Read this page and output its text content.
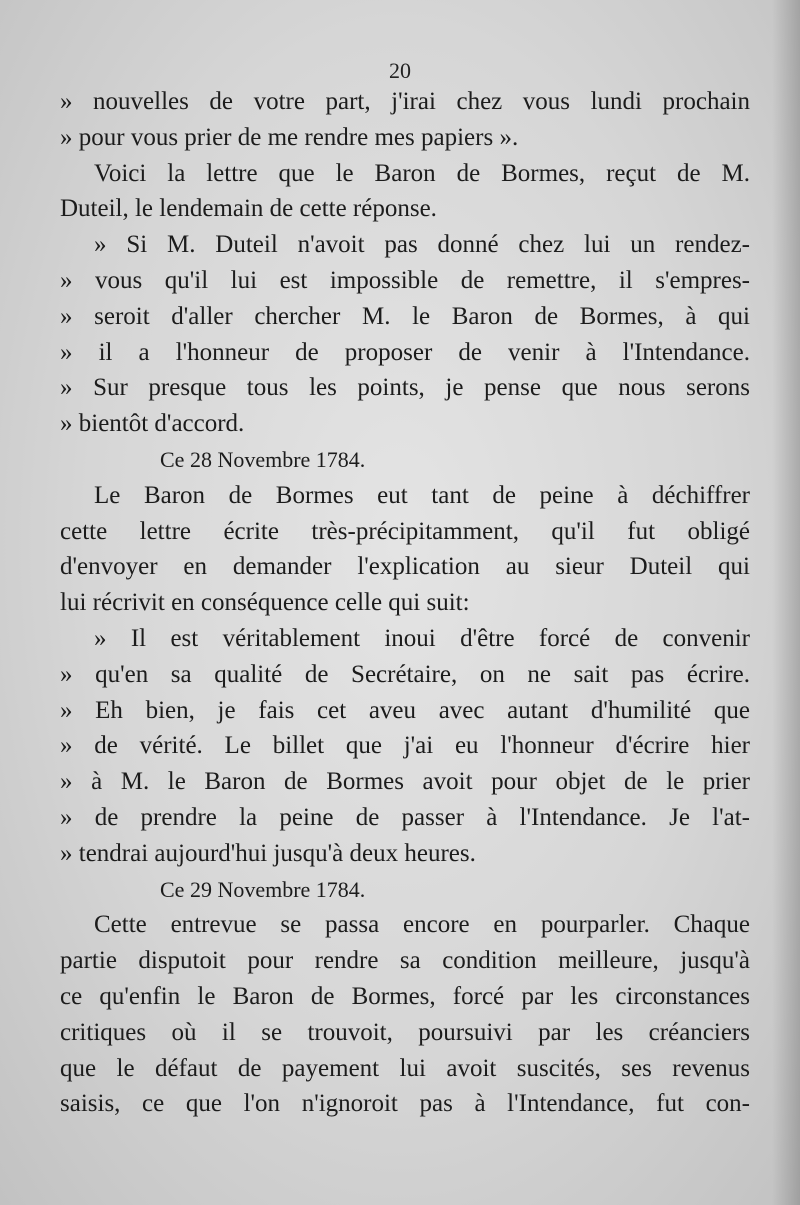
20
» nouvelles de votre part, j'irai chez vous lundi prochain
» pour vous prier de me rendre mes papiers ».
Voici la lettre que le Baron de Bormes, reçut de M.
Duteil, le lendemain de cette réponse.
» Si M. Duteil n'avoit pas donné chez lui un rendez-
» vous qu'il lui est impossible de remettre, il s'empres-
» seroit d'aller chercher M. le Baron de Bormes, à qui
» il a l'honneur de proposer de venir à l'Intendance.
» Sur presque tous les points, je pense que nous serons
» bientôt d'accord.
Ce 28 Novembre 1784.
Le Baron de Bormes eut tant de peine à déchiffrer
cette lettre écrite très-précipitamment, qu'il fut obligé
d'envoyer en demander l'explication au sieur Duteil qui
lui récrivit en conséquence celle qui suit:
» Il est véritablement inoui d'être forcé de convenir
» qu'en sa qualité de Secrétaire, on ne sait pas écrire.
» Eh bien, je fais cet aveu avec autant d'humilité que
» de vérité. Le billet que j'ai eu l'honneur d'écrire hier
» à M. le Baron de Bormes avoit pour objet de le prier
» de prendre la peine de passer à l'Intendance. Je l'at-
» tendrai aujourd'hui jusqu'à deux heures.
Ce 29 Novembre 1784.
Cette entrevue se passa encore en pourparler. Chaque
partie disputoit pour rendre sa condition meilleure, jusqu'à
ce qu'enfin le Baron de Bormes, forcé par les circonstances
critiques où il se trouvoit, poursuivi par les créanciers
que le défaut de payement lui avoit suscités, ses revenus
saisis, ce que l'on n'ignoroit pas à l'Intendance, fut con-
